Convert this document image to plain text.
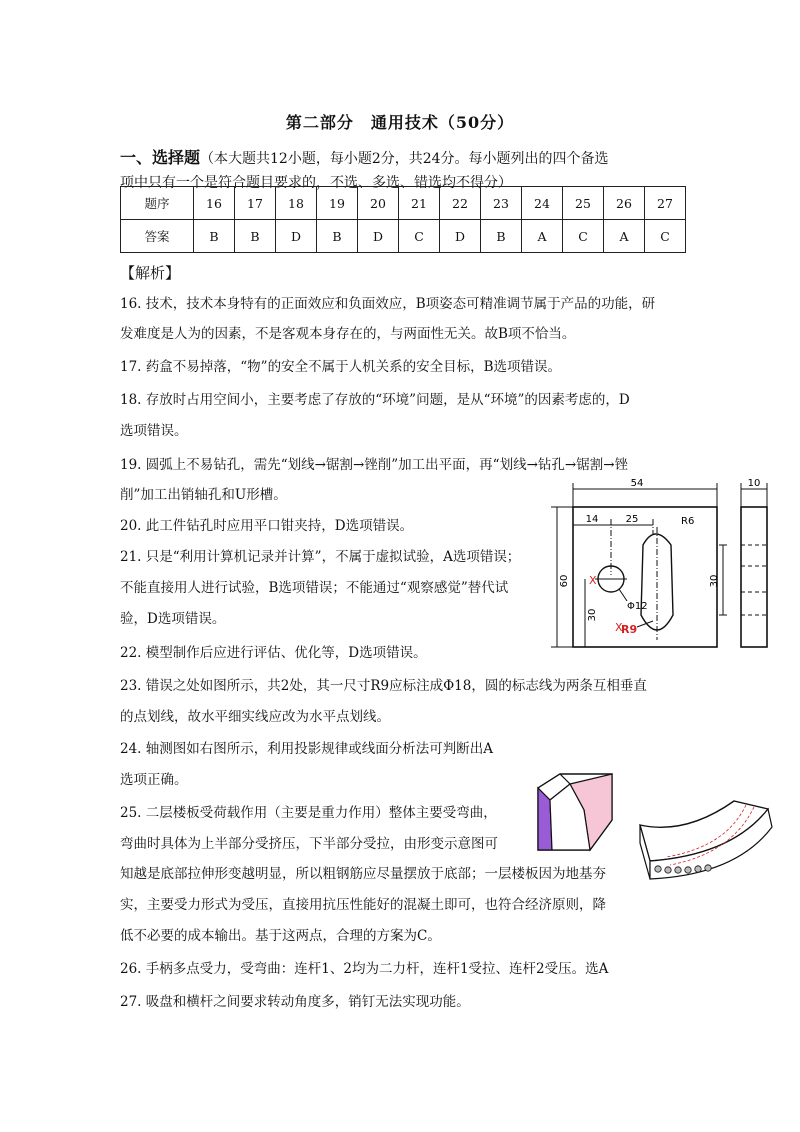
第二部分　通用技术（50分）
一、选择题（本大题共12小题，每小题2分，共24分。每小题列出的四个备选
项中只有一个是符合题目要求的，不选、多选、错选均不得分）
题序	16	17	18	19	20	21	22	23	24	25	26	27
答案	B	B	D	B	D	C	D	B	A	C	A	C
【解析】
16. 技术，技术本身特有的正面效应和负面效应，B项姿态可精准调节属于产品的功能，研
发难度是人为的因素，不是客观本身存在的，与两面性无关。故B项不恰当。
17. 药盒不易掉落，“物”的安全不属于人机关系的安全目标，B选项错误。
18. 存放时占用空间小，主要考虑了存放的“环境”问题，是从“环境”的因素考虑的，D
选项错误。
19. 圆弧上不易钻孔，需先“划线→锯割→锉削”加工出平面，再“划线→钻孔→锯割→锉
削”加工出销轴孔和U形槽。
20. 此工件钻孔时应用平口钳夹持，D选项错误。
21. 只是“利用计算机记录并计算”，不属于虚拟试验，A选项错误；
不能直接用人进行试验，B选项错误；不能通过“观察感觉”替代试
验，D选项错误。
22. 模型制作后应进行评估、优化等，D选项错误。
23. 错误之处如图所示，共2处，其一尺寸R9应标注成Φ18，圆的标志线为两条互相垂直
的点划线，故水平细实线应改为水平点划线。
24. 轴测图如右图所示，利用投影规律或线面分析法可判断出A
选项正确。
25. 二层楼板受荷载作用（主要是重力作用）整体主要受弯曲，
弯曲时具体为上半部分受挤压，下半部分受拉，由形变示意图可
知越是底部拉伸形变越明显，所以粗钢筋应尽量摆放于底部；一层楼板因为地基夯
实，主要受力形式为受压，直接用抗压性能好的混凝土即可，也符合经济原则，降
低不必要的成本输出。基于这两点，合理的方案为C。
26. 手柄多点受力，受弯曲：连杆1、2均为二力杆，连杆1受拉、连杆2受压。选A
27. 吸盘和横杆之间要求转动角度多，销钉无法实现功能。
54	10
14	25	R6
60	30
30
Φ12
R9
X
X
